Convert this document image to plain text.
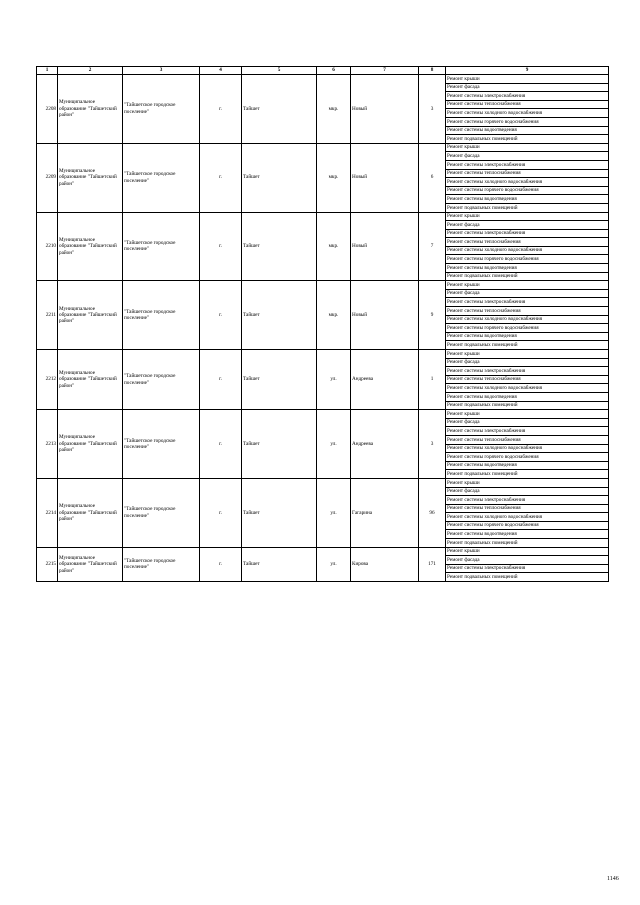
1	2	3	4	5	6	7	8	9
2208	Муниципальное образование "Тайшетский район"	"Тайшетское городское поселение"	г.	Тайшет	мкр.	Новый	3	Ремонт крыши
								Ремонт фасада
								Ремонт системы электроснабжения
								Ремонт системы теплоснабжения
								Ремонт системы холодного водоснабжения
								Ремонт системы горячего водоснабжения
								Ремонт системы водоотведения
								Ремонт подвальных помещений
2209	Муниципальное образование "Тайшетский район"	"Тайшетское городское поселение"	г.	Тайшет	мкр.	Новый	6	Ремонт крыши
								Ремонт фасада
								Ремонт системы электроснабжения
								Ремонт системы теплоснабжения
								Ремонт системы холодного водоснабжения
								Ремонт системы горячего водоснабжения
								Ремонт системы водоотведения
								Ремонт подвальных помещений
2210	Муниципальное образование "Тайшетский район"	"Тайшетское городское поселение"	г.	Тайшет	мкр.	Новый	7	Ремонт крыши
								Ремонт фасада
								Ремонт системы электроснабжения
								Ремонт системы теплоснабжения
								Ремонт системы холодного водоснабжения
								Ремонт системы горячего водоснабжения
								Ремонт системы водоотведения
								Ремонт подвальных помещений
2211	Муниципальное образование "Тайшетский район"	"Тайшетское городское поселение"	г.	Тайшет	мкр.	Новый	9	Ремонт крыши
								Ремонт фасада
								Ремонт системы электроснабжения
								Ремонт системы теплоснабжения
								Ремонт системы холодного водоснабжения
								Ремонт системы горячего водоснабжения
								Ремонт системы водоотведения
								Ремонт подвальных помещений
2212	Муниципальное образование "Тайшетский район"	"Тайшетское городское поселение"	г.	Тайшет	ул.	Андреева	1	Ремонт крыши
								Ремонт фасада
								Ремонт системы электроснабжения
								Ремонт системы теплоснабжения
								Ремонт системы холодного водоснабжения
								Ремонт системы водоотведения
								Ремонт подвальных помещений
2213	Муниципальное образование "Тайшетский район"	"Тайшетское городское поселение"	г.	Тайшет	ул.	Андреева	3	Ремонт крыши
								Ремонт фасада
								Ремонт системы электроснабжения
								Ремонт системы теплоснабжения
								Ремонт системы холодного водоснабжения
								Ремонт системы горячего водоснабжения
								Ремонт системы водоотведения
								Ремонт подвальных помещений
2214	Муниципальное образование "Тайшетский район"	"Тайшетское городское поселение"	г.	Тайшет	ул.	Гагарина	96	Ремонт крыши
								Ремонт фасада
								Ремонт системы электроснабжения
								Ремонт системы теплоснабжения
								Ремонт системы холодного водоснабжения
								Ремонт системы горячего водоснабжения
								Ремонт системы водоотведения
								Ремонт подвальных помещений
2215	Муниципальное образование "Тайшетский район"	"Тайшетское городское поселение"	г.	Тайшет	ул.	Кирова	171	Ремонт крыши
								Ремонт фасада
								Ремонт системы электроснабжения
								Ремонт подвальных помещений
1146
